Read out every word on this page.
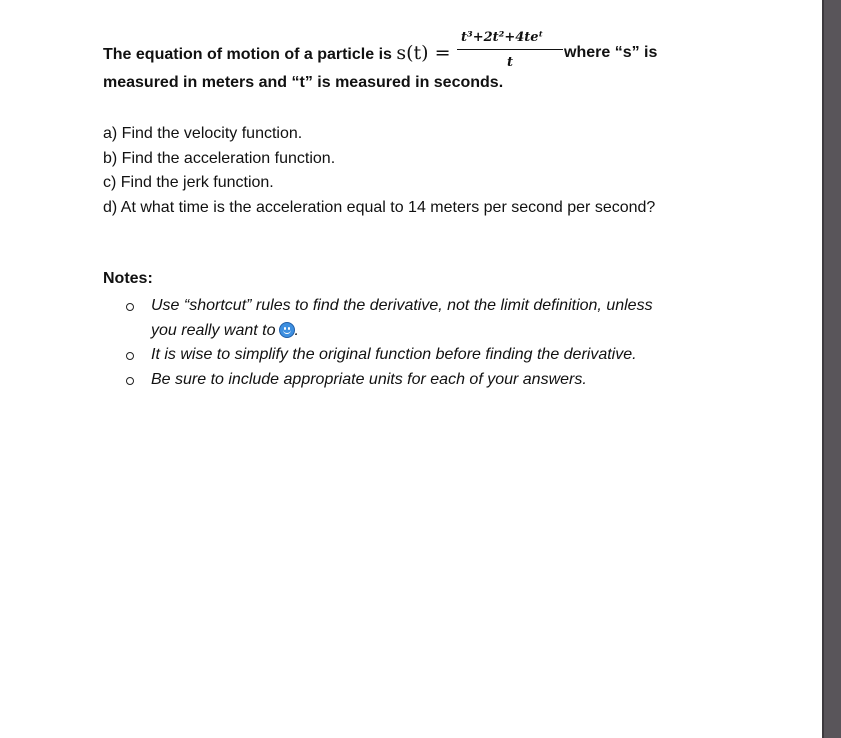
The equation of motion of a particle is s(t) =
t³+2t²+4teᵗ
t
where “s” is
measured in meters and “t” is measured in seconds.
a) Find the velocity function.
b) Find the acceleration function.
c) Find the jerk function.
d) At what time is the acceleration equal to 14 meters per second per second?
Notes:
Use “shortcut” rules to find the derivative, not the limit definition, unless
you really want to .
It is wise to simplify the original function before finding the derivative.
Be sure to include appropriate units for each of your answers.
